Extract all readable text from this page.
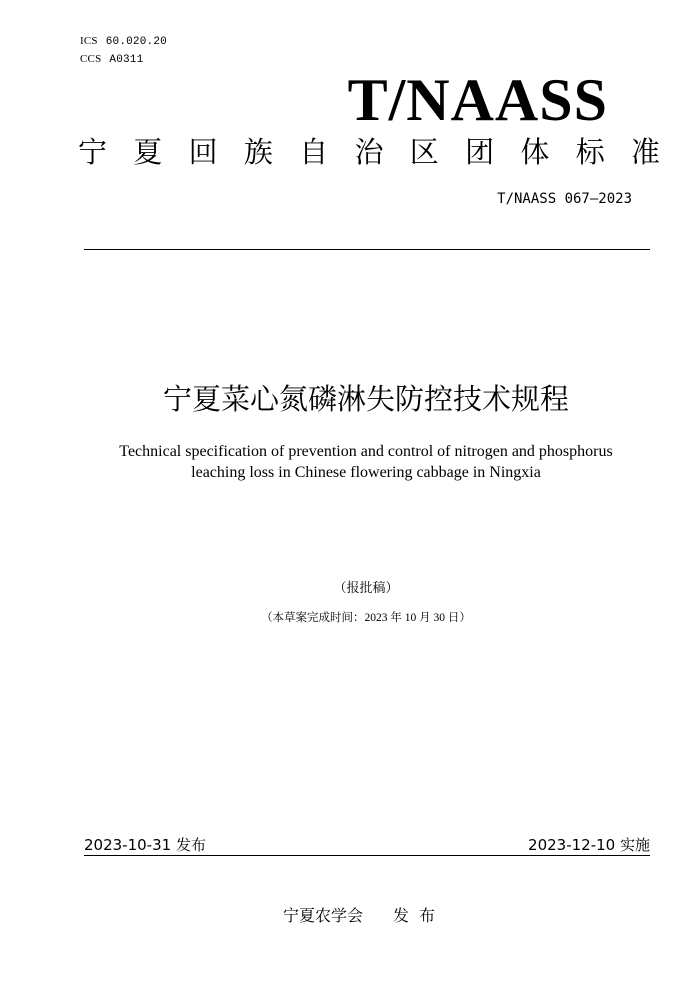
ICS 60.020.20
CCS A0311
T/NAASS
宁夏回族自治区团体标准
T/NAASS 067—2023
宁夏菜心氮磷淋失防控技术规程
Technical specification of prevention and control of nitrogen and phosphorus
leaching loss in Chinese flowering cabbage in Ningxia
（报批稿）
（本草案完成时间：2023 年 10 月 30 日）
2023-10-31 发布	2023-12-10 实施
宁夏农学会 发布
